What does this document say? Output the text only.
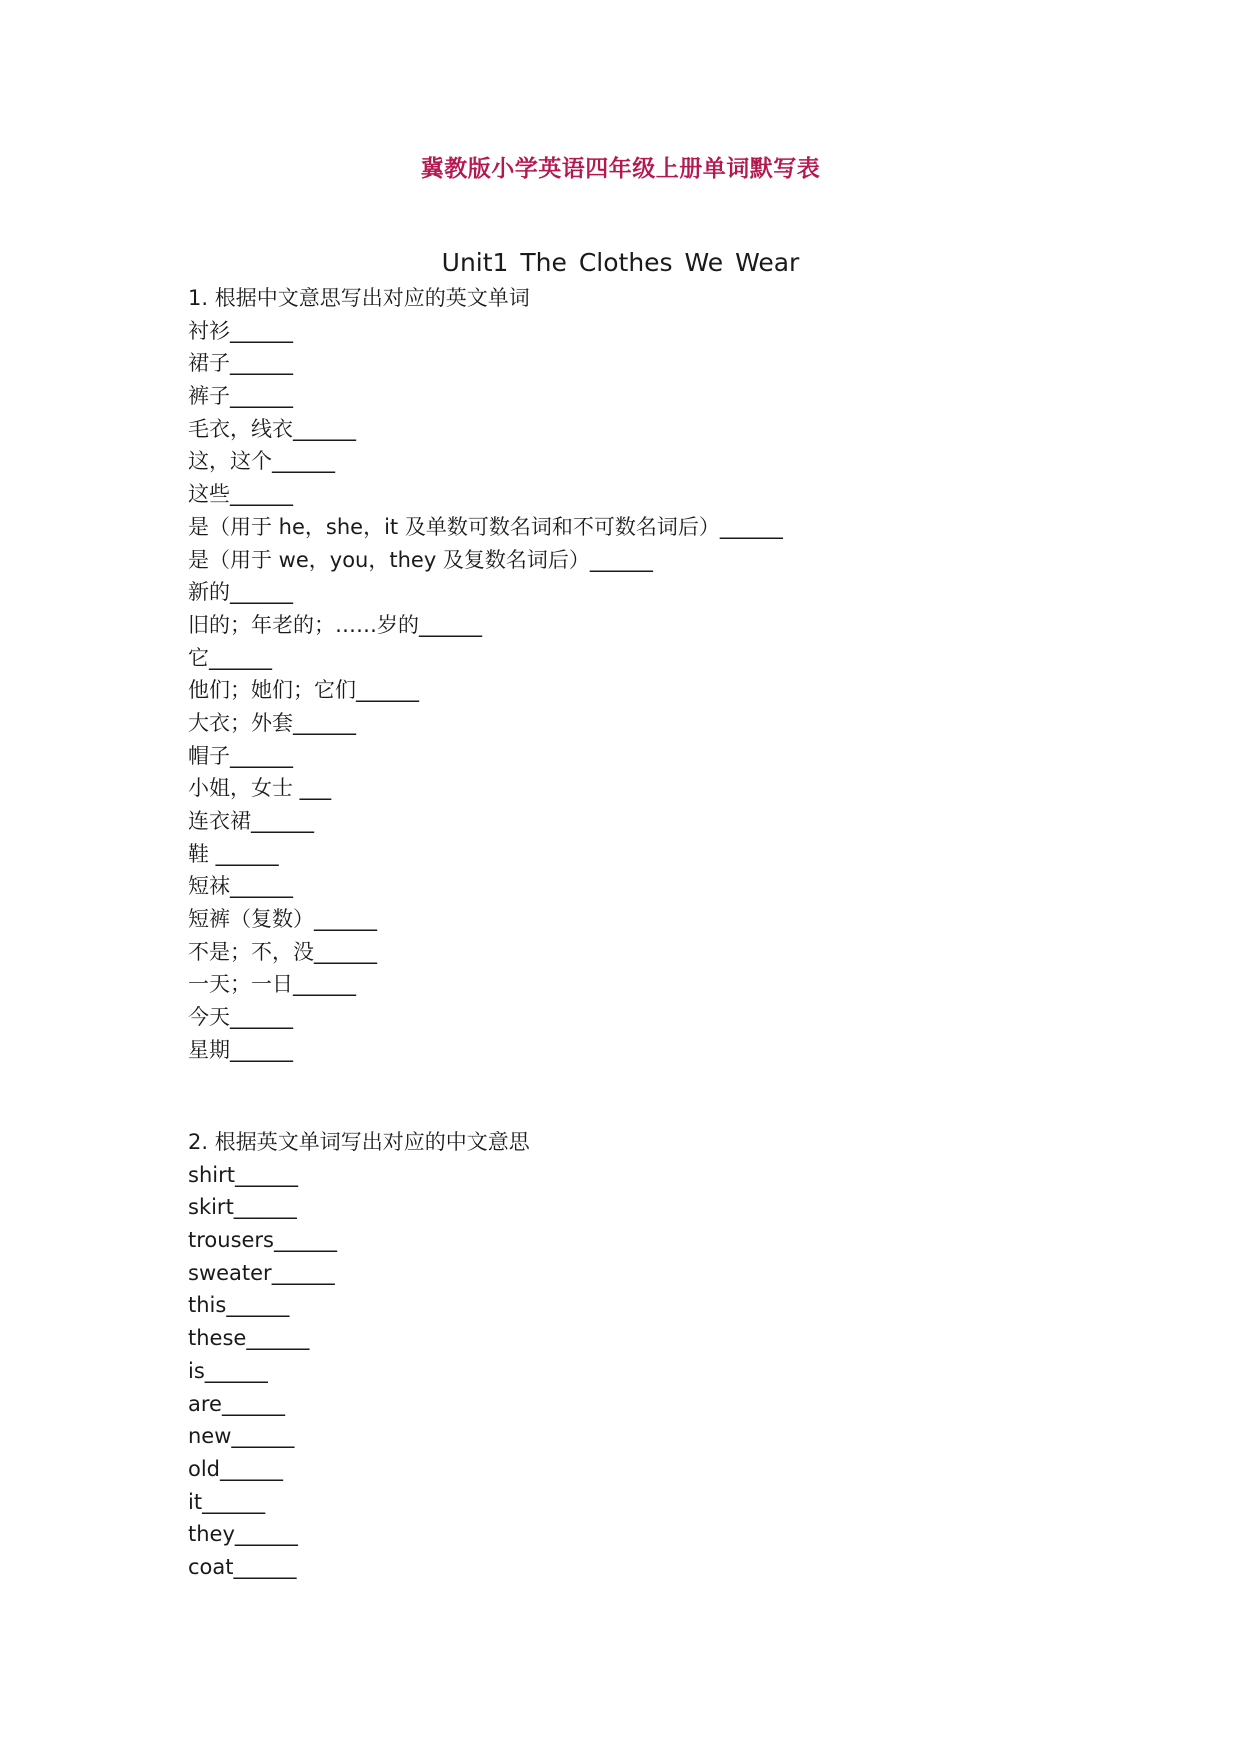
冀教版小学英语四年级上册单词默写表
Unit1 The Clothes We Wear
1. 根据中文意思写出对应的英文单词
衬衫______
裙子______
裤子______
毛衣，线衣______
这，这个______
这些______
是（用于 he，she，it 及单数可数名词和不可数名词后）______
是（用于 we，you，they 及复数名词后）______
新的______
旧的；年老的；……岁的______
它______
他们；她们；它们______
大衣；外套______
帽子______
小姐，女士 ___
连衣裙______
鞋 ______
短袜______
短裤（复数）______
不是；不，没______
一天；一日______
今天______
星期______
2. 根据英文单词写出对应的中文意思
shirt______
skirt______
trousers______
sweater______
this______
these______
is______
are______
new______
old______
it______
they______
coat______
